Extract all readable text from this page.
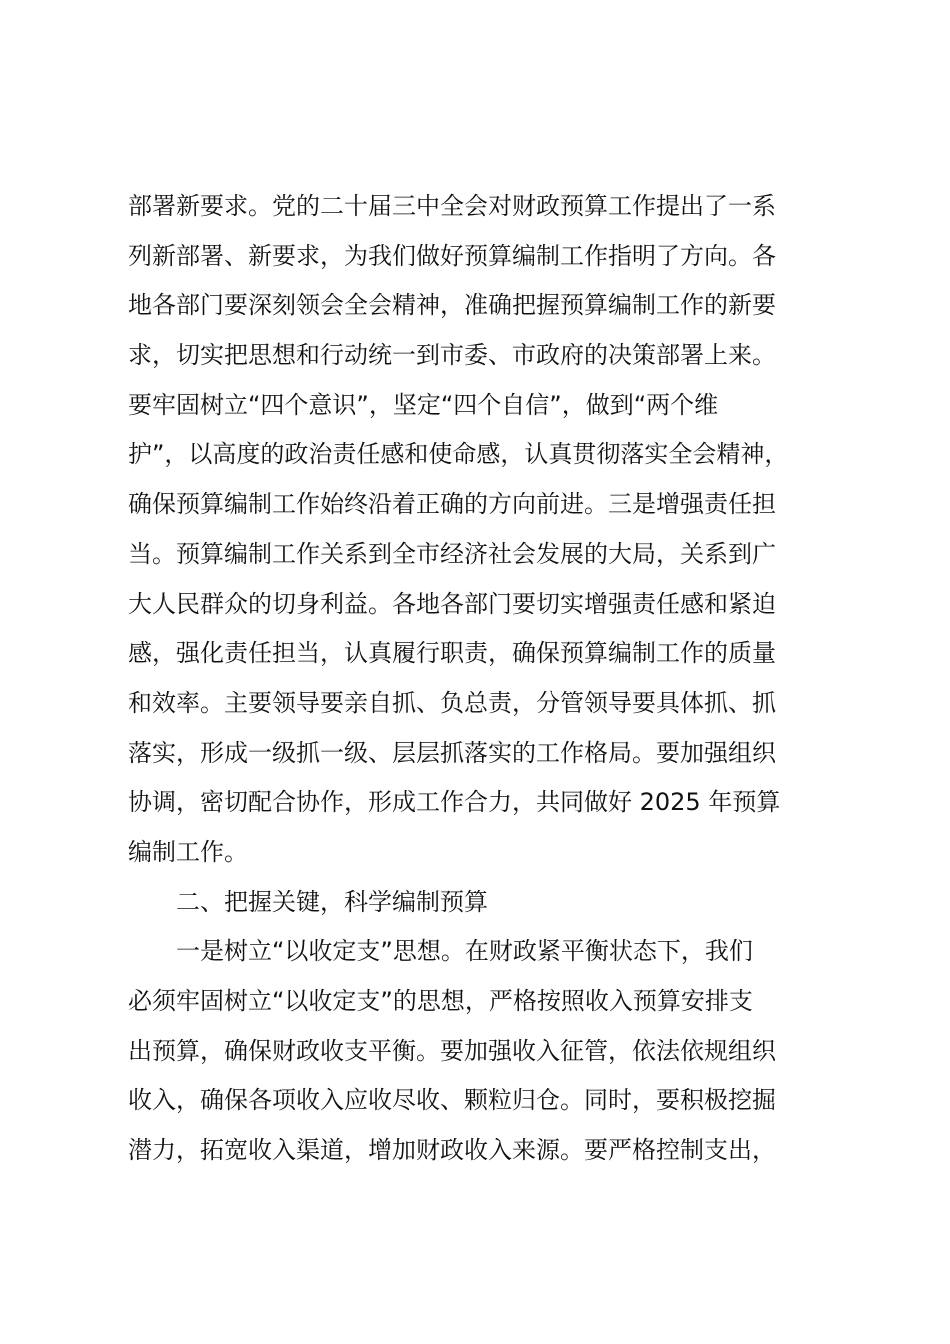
部署新要求。党的二十届三中全会对财政预算工作提出了一系
列新部署、新要求，为我们做好预算编制工作指明了方向。各
地各部门要深刻领会全会精神，准确把握预算编制工作的新要
求，切实把思想和行动统一到市委、市政府的决策部署上来。
要牢固树立“四个意识”，坚定“四个自信”，做到“两个维
护”，以高度的政治责任感和使命感，认真贯彻落实全会精神，
确保预算编制工作始终沿着正确的方向前进。三是增强责任担
当。预算编制工作关系到全市经济社会发展的大局，关系到广
大人民群众的切身利益。各地各部门要切实增强责任感和紧迫
感，强化责任担当，认真履行职责，确保预算编制工作的质量
和效率。主要领导要亲自抓、负总责，分管领导要具体抓、抓
落实，形成一级抓一级、层层抓落实的工作格局。要加强组织
协调，密切配合协作，形成工作合力，共同做好 2025 年预算
编制工作。
二、把握关键，科学编制预算
一是树立“以收定支”思想。在财政紧平衡状态下，我们
必须牢固树立“以收定支”的思想，严格按照收入预算安排支
出预算，确保财政收支平衡。要加强收入征管，依法依规组织
收入，确保各项收入应收尽收、颗粒归仓。同时，要积极挖掘
潜力，拓宽收入渠道，增加财政收入来源。要严格控制支出，
